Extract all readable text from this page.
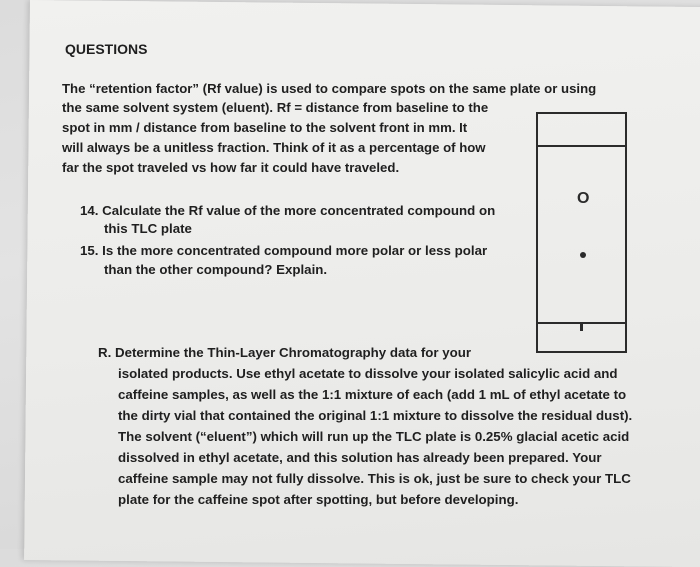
QUESTIONS
The “retention factor” (Rf value) is used to compare spots on the same plate or using
the same solvent system (eluent). Rf = distance from baseline to the
spot in mm / distance from baseline to the solvent front in mm. It
will always be a unitless fraction. Think of it as a percentage of how
far the spot traveled vs how far it could have traveled.
14. Calculate the Rf value of the more concentrated compound on
this TLC plate
15. Is the more concentrated compound more polar or less polar
than the other compound? Explain.
R. Determine the Thin-Layer Chromatography data for your
isolated products. Use ethyl acetate to dissolve your isolated salicylic acid and
caffeine samples, as well as the 1:1 mixture of each (add 1 mL of ethyl acetate to
the dirty vial that contained the original 1:1 mixture to dissolve the residual dust).
The solvent (“eluent”) which will run up the TLC plate is 0.25% glacial acetic acid
dissolved in ethyl acetate, and this solution has already been prepared. Your
caffeine sample may not fully dissolve. This is ok, just be sure to check your TLC
plate for the caffeine spot after spotting, but before developing.
O
